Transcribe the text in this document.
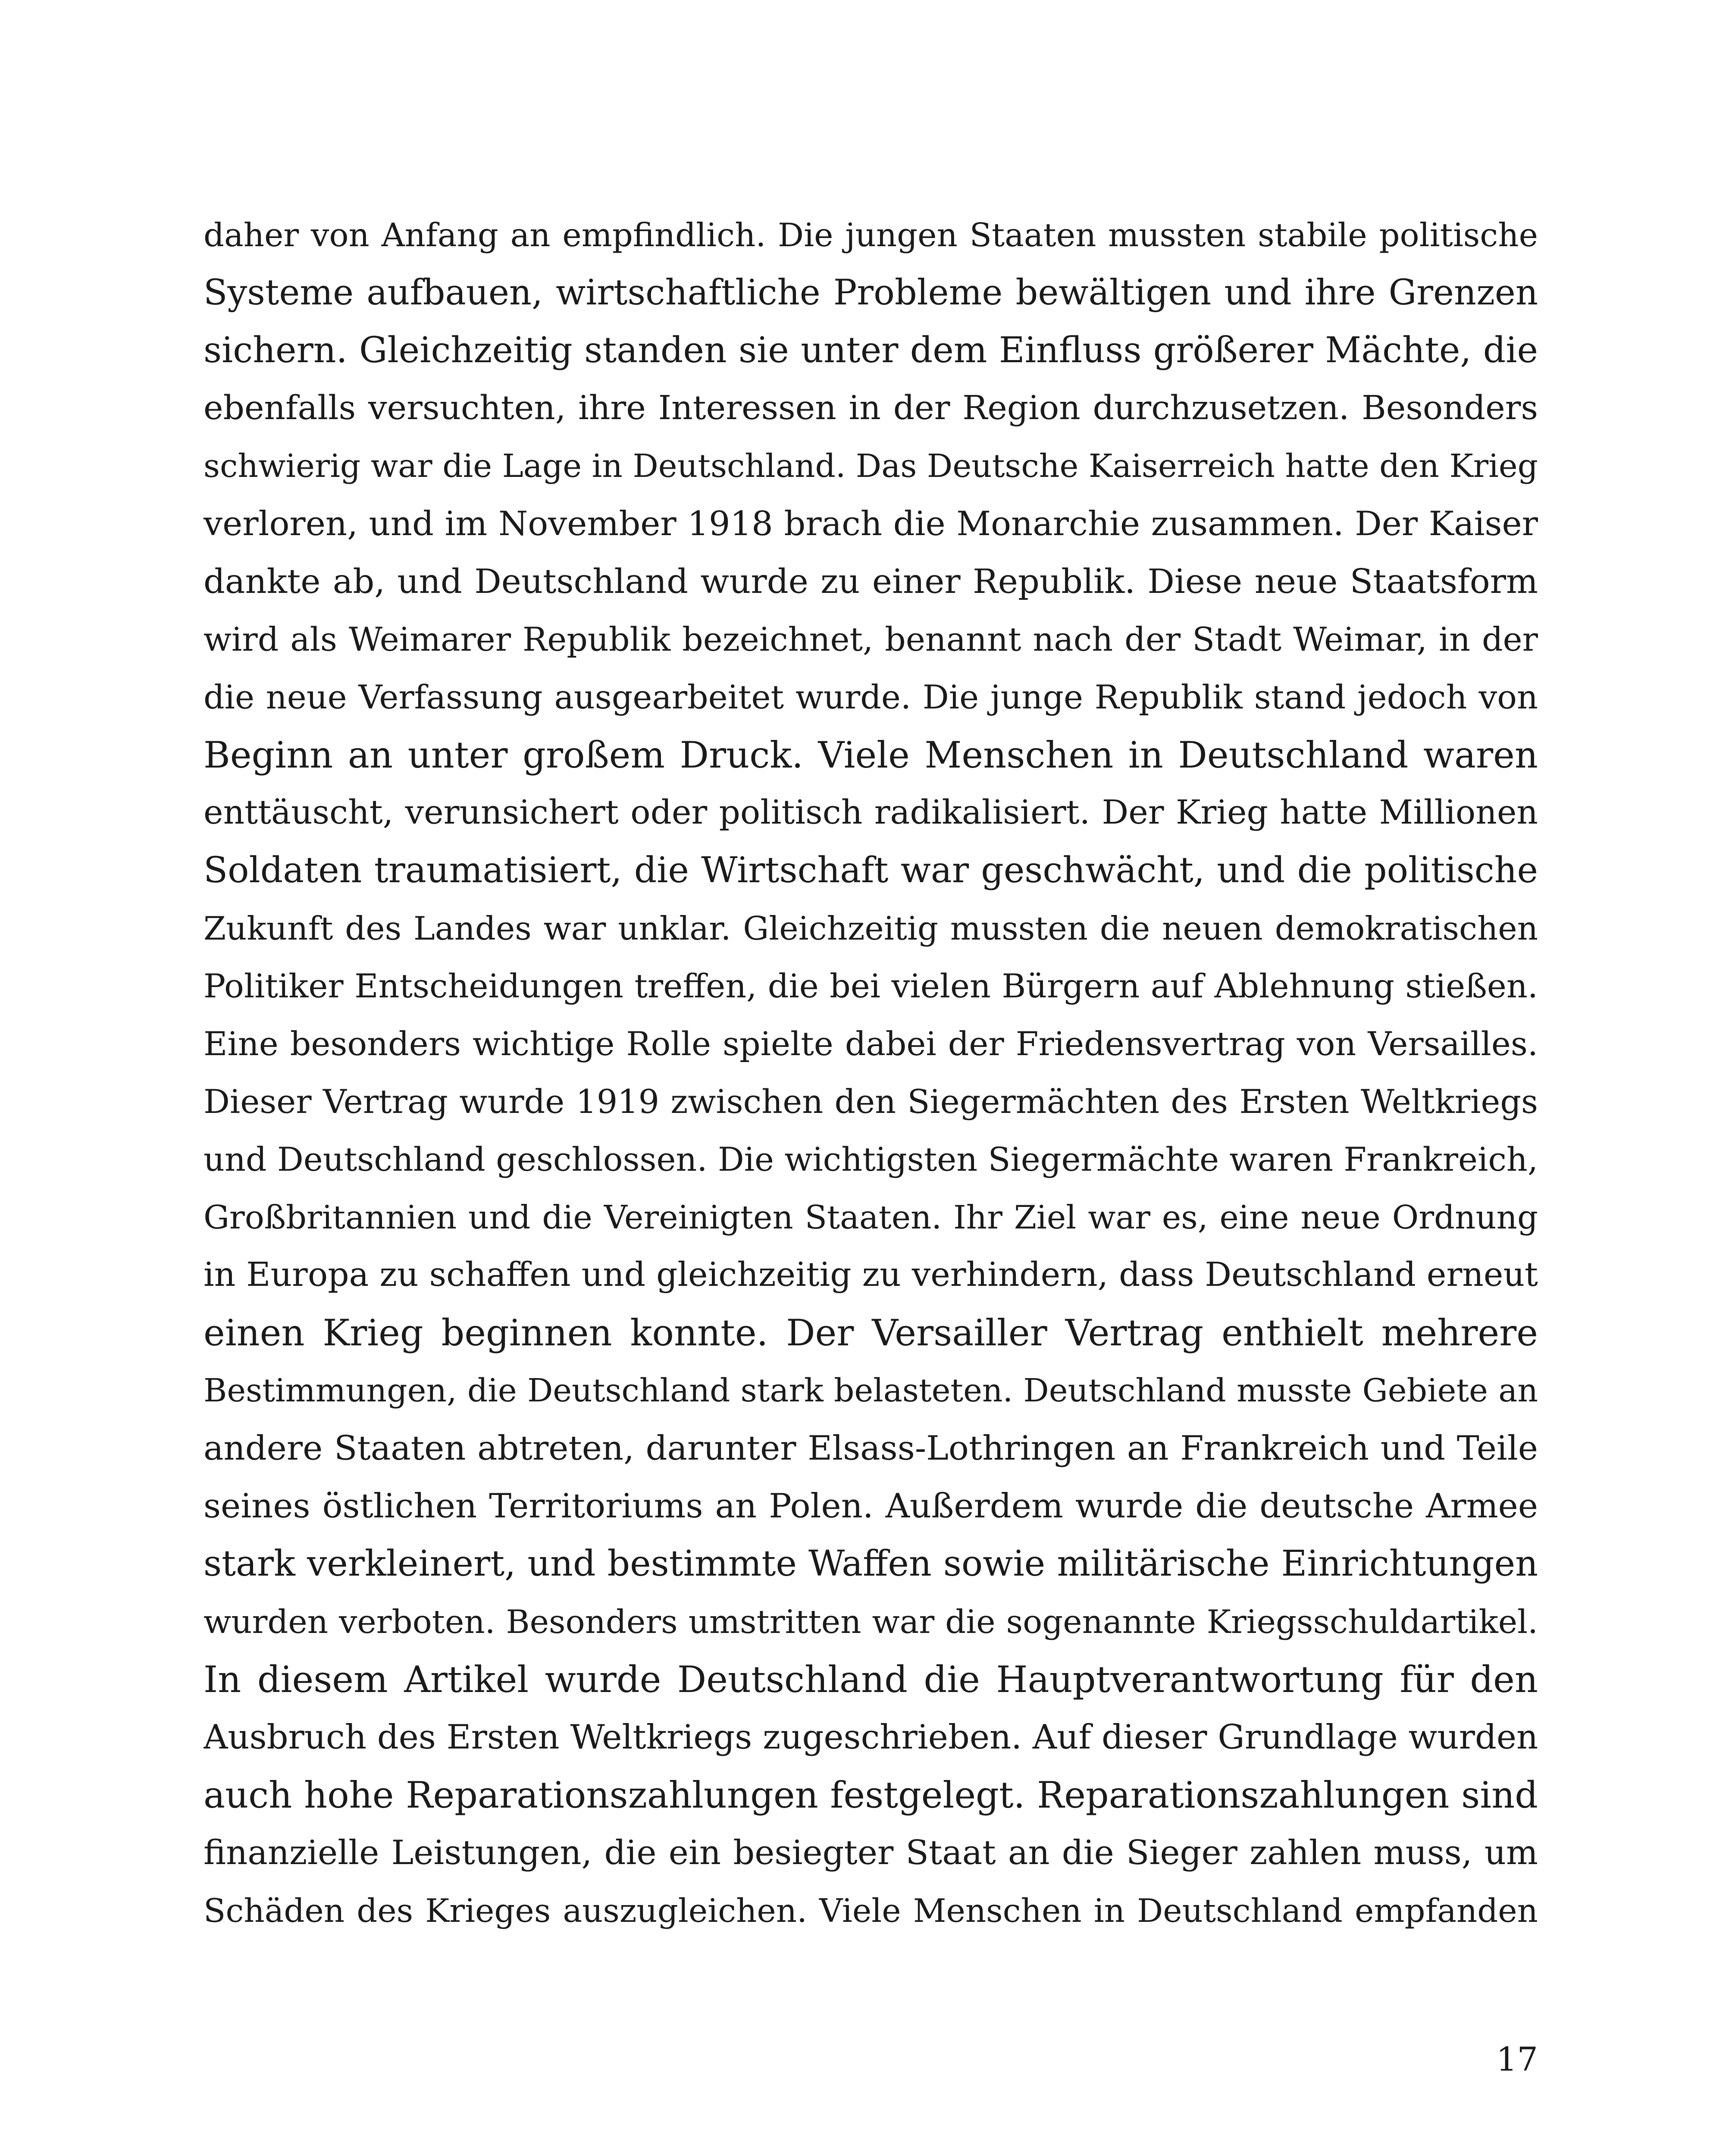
daher von Anfang an empfindlich. Die jungen Staaten mussten stabile politische
Systeme aufbauen, wirtschaftliche Probleme bewältigen und ihre Grenzen
sichern. Gleichzeitig standen sie unter dem Einfluss größerer Mächte, die
ebenfalls versuchten, ihre Interessen in der Region durchzusetzen. Besonders
schwierig war die Lage in Deutschland. Das Deutsche Kaiserreich hatte den Krieg
verloren, und im November 1918 brach die Monarchie zusammen. Der Kaiser
dankte ab, und Deutschland wurde zu einer Republik. Diese neue Staatsform
wird als Weimarer Republik bezeichnet, benannt nach der Stadt Weimar, in der
die neue Verfassung ausgearbeitet wurde. Die junge Republik stand jedoch von
Beginn an unter großem Druck. Viele Menschen in Deutschland waren
enttäuscht, verunsichert oder politisch radikalisiert. Der Krieg hatte Millionen
Soldaten traumatisiert, die Wirtschaft war geschwächt, und die politische
Zukunft des Landes war unklar. Gleichzeitig mussten die neuen demokratischen
Politiker Entscheidungen treffen, die bei vielen Bürgern auf Ablehnung stießen.
Eine besonders wichtige Rolle spielte dabei der Friedensvertrag von Versailles.
Dieser Vertrag wurde 1919 zwischen den Siegermächten des Ersten Weltkriegs
und Deutschland geschlossen. Die wichtigsten Siegermächte waren Frankreich,
Großbritannien und die Vereinigten Staaten. Ihr Ziel war es, eine neue Ordnung
in Europa zu schaffen und gleichzeitig zu verhindern, dass Deutschland erneut
einen Krieg beginnen konnte. Der Versailler Vertrag enthielt mehrere
Bestimmungen, die Deutschland stark belasteten. Deutschland musste Gebiete an
andere Staaten abtreten, darunter Elsass-Lothringen an Frankreich und Teile
seines östlichen Territoriums an Polen. Außerdem wurde die deutsche Armee
stark verkleinert, und bestimmte Waffen sowie militärische Einrichtungen
wurden verboten. Besonders umstritten war die sogenannte Kriegsschuldartikel.
In diesem Artikel wurde Deutschland die Hauptverantwortung für den
Ausbruch des Ersten Weltkriegs zugeschrieben. Auf dieser Grundlage wurden
auch hohe Reparationszahlungen festgelegt. Reparationszahlungen sind
finanzielle Leistungen, die ein besiegter Staat an die Sieger zahlen muss, um
Schäden des Krieges auszugleichen. Viele Menschen in Deutschland empfanden
17
